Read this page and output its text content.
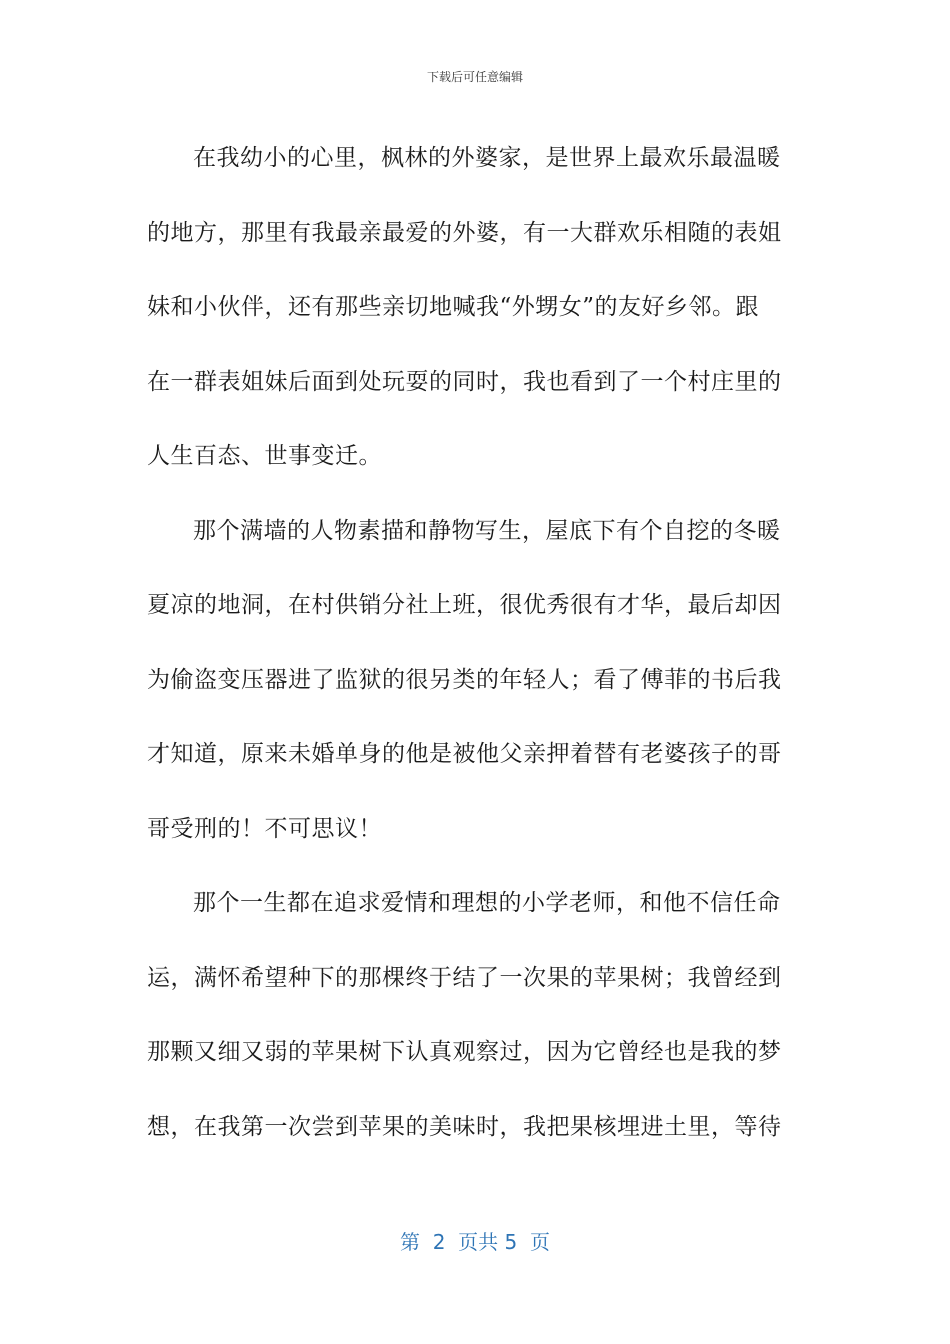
下载后可任意编辑

在我幼小的心里，枫林的外婆家，是世界上最欢乐最温暖
的地方，那里有我最亲最爱的外婆，有一大群欢乐相随的表姐
妹和小伙伴，还有那些亲切地喊我“外甥女”的友好乡邻。跟
在一群表姐妹后面到处玩耍的同时，我也看到了一个村庄里的
人生百态、世事变迁。

那个满墙的人物素描和静物写生，屋底下有个自挖的冬暖
夏凉的地洞，在村供销分社上班，很优秀很有才华，最后却因
为偷盗变压器进了监狱的很另类的年轻人；看了傅菲的书后我
才知道，原来未婚单身的他是被他父亲押着替有老婆孩子的哥
哥受刑的！不可思议！

那个一生都在追求爱情和理想的小学老师，和他不信任命
运，满怀希望种下的那棵终于结了一次果的苹果树；我曾经到
那颗又细又弱的苹果树下认真观察过，因为它曾经也是我的梦
想，在我第一次尝到苹果的美味时，我把果核埋进土里，等待

第  2  页共 5  页
